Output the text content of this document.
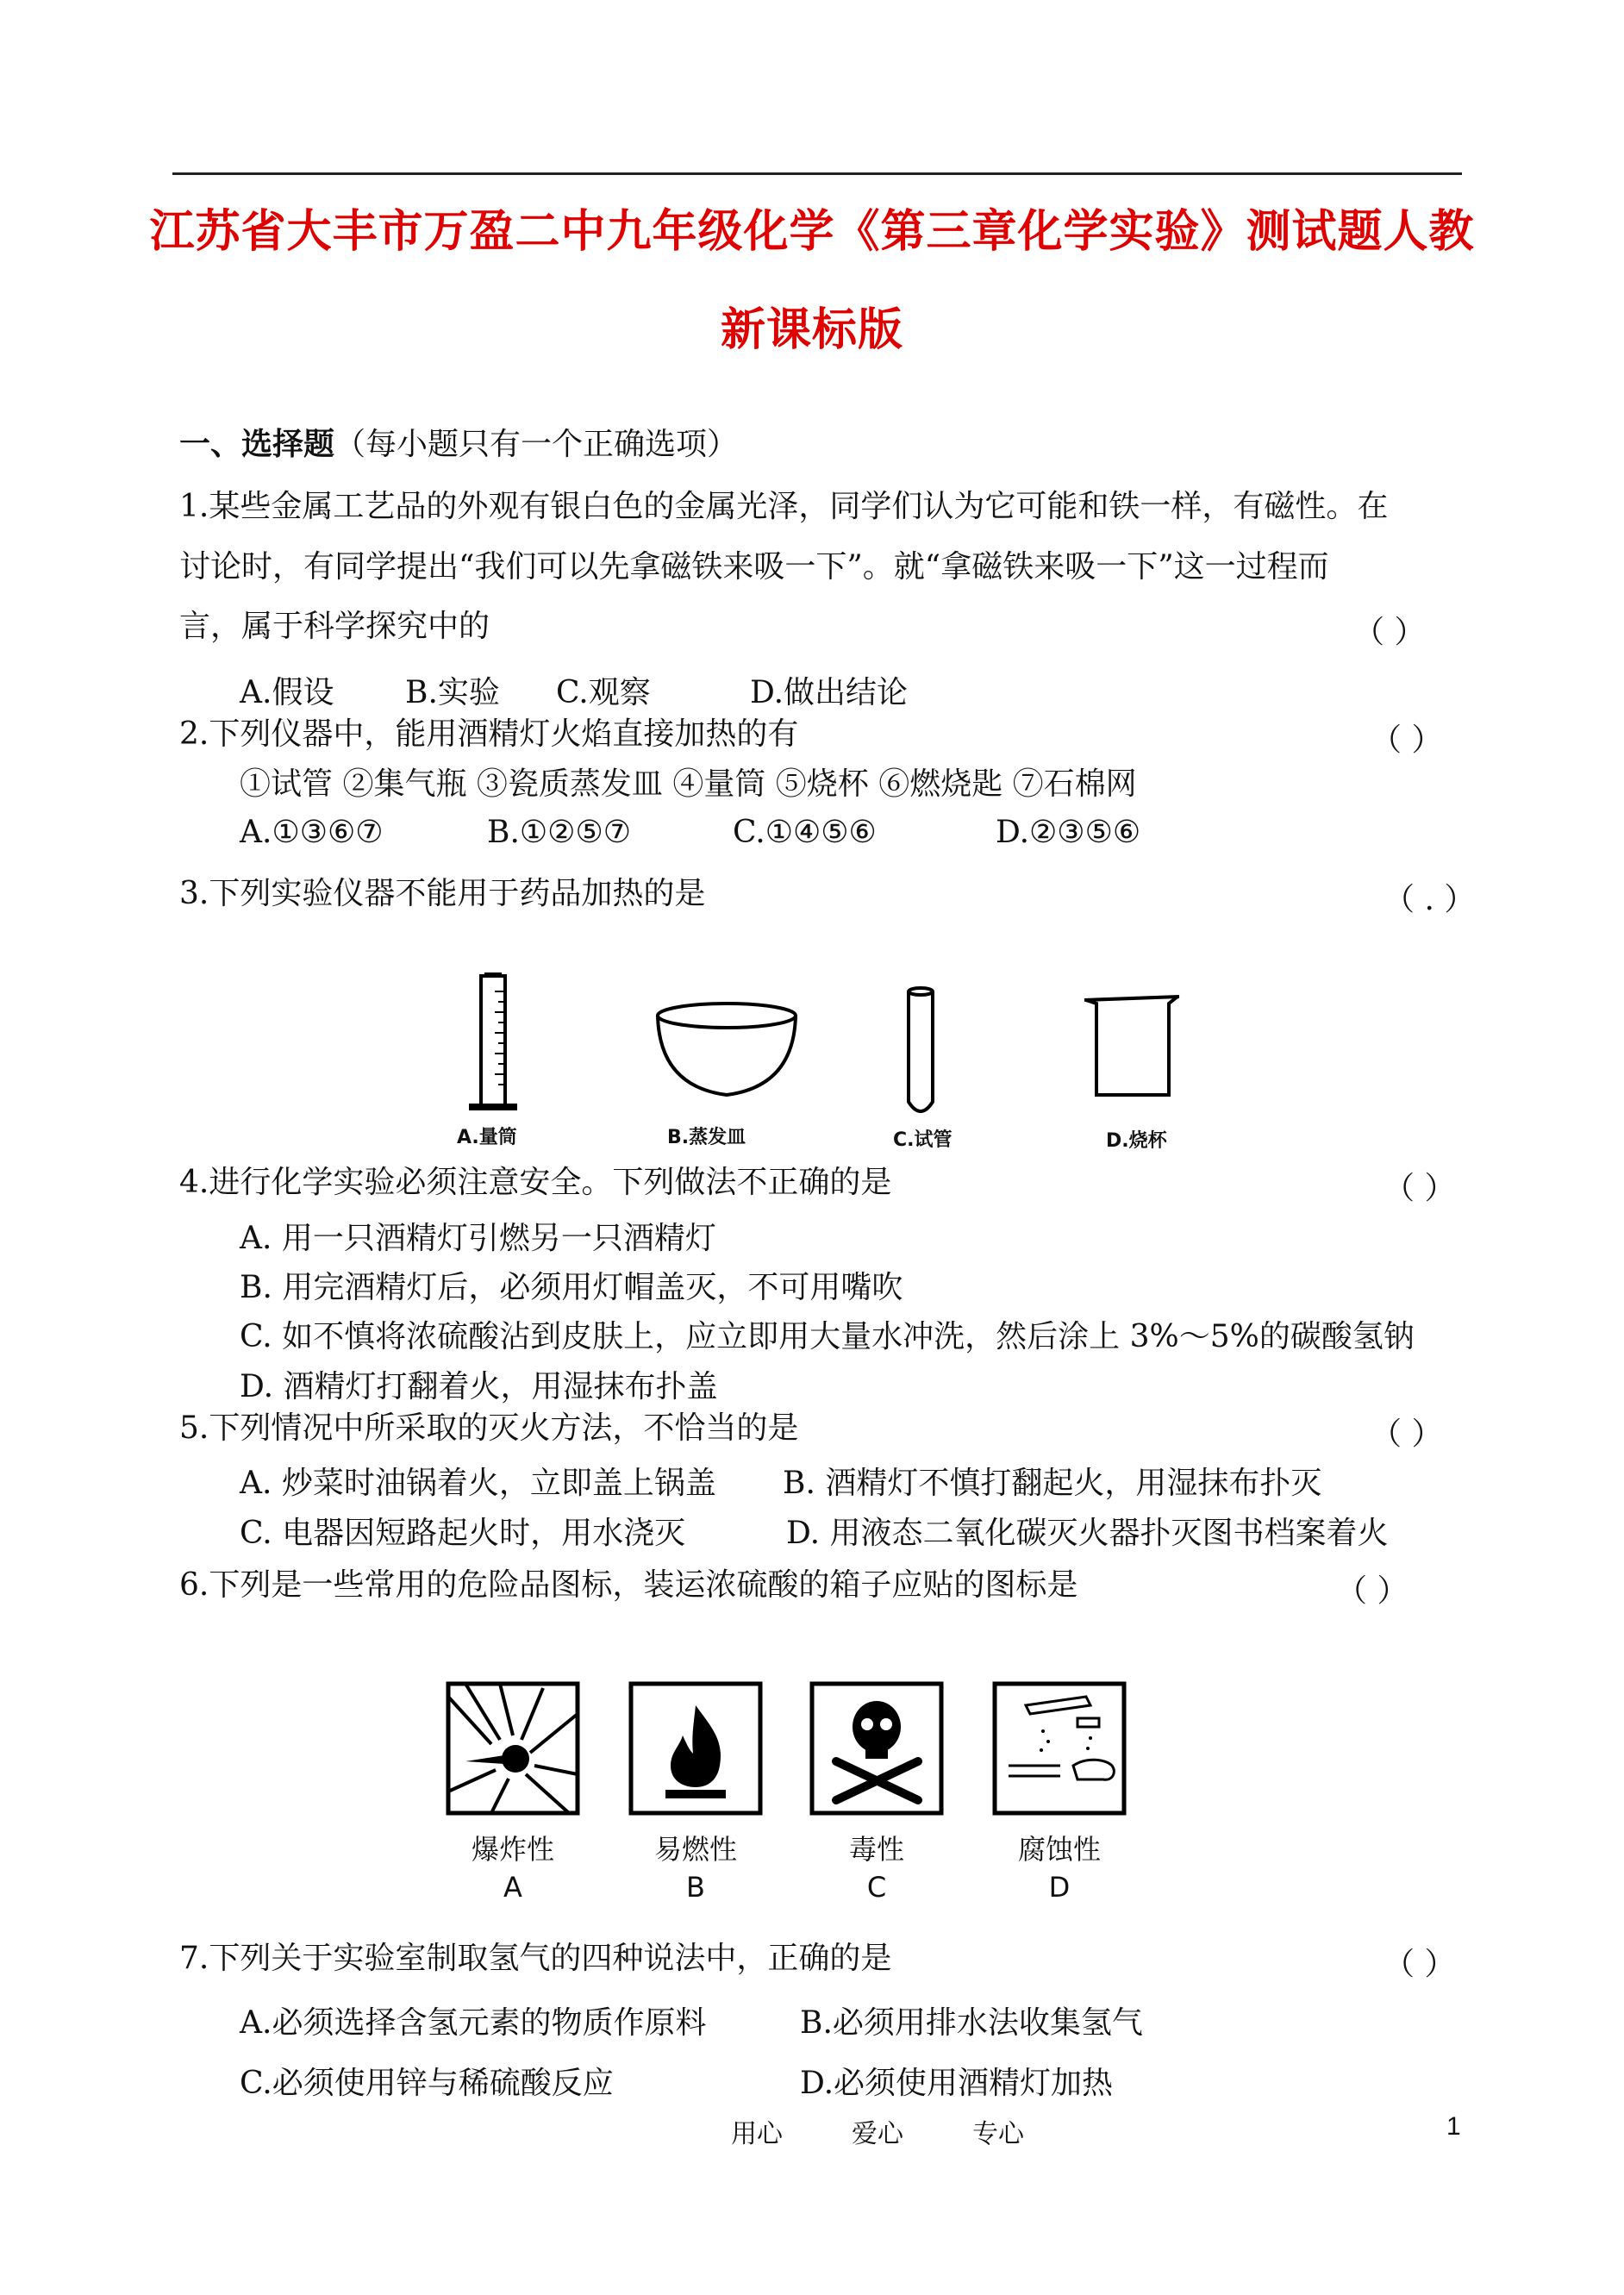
江苏省大丰市万盈二中九年级化学《第三章化学实验》测试题人教
新课标版
一、选择题（每小题只有一个正确选项）
1.某些金属工艺品的外观有银白色的金属光泽，同学们认为它可能和铁一样，有磁性。在
讨论时，有同学提出“我们可以先拿磁铁来吸一下”。就“拿磁铁来吸一下”这一过程而
言，属于科学探究中的	（ ）
A.假设 B.实验 C.观察	D.做出结论
2.下列仪器中，能用酒精灯火焰直接加热的有	（ ）
①试管 ②集气瓶 ③瓷质蒸发皿 ④量筒 ⑤烧杯 ⑥燃烧匙 ⑦石棉网
A.①③⑥⑦	B.①②⑤⑦	C.①④⑤⑥	D.②③⑤⑥
3.下列实验仪器不能用于药品加热的是	（ . ）
A.量筒	B.蒸发皿	C.试管	D.烧杯
4.进行化学实验必须注意安全。下列做法不正确的是	（ ）
A. 用一只酒精灯引燃另一只酒精灯
B. 用完酒精灯后，必须用灯帽盖灭，不可用嘴吹
C. 如不慎将浓硫酸沾到皮肤上，应立即用大量水冲洗，然后涂上 3%～5%的碳酸氢钠
D. 酒精灯打翻着火，用湿抹布扑盖
5.下列情况中所采取的灭火方法，不恰当的是	（ ）
A. 炒菜时油锅着火，立即盖上锅盖 B. 酒精灯不慎打翻起火，用湿抹布扑灭
C. 电器因短路起火时，用水浇灭	D. 用液态二氧化碳灭火器扑灭图书档案着火
6.下列是一些常用的危险品图标，装运浓硫酸的箱子应贴的图标是	（ ）
爆炸性	易燃性	毒性	腐蚀性
A	B	C	D
7.下列关于实验室制取氢气的四种说法中，正确的是	（ ）
A.必须选择含氢元素的物质作原料	B.必须用排水法收集氢气
C.必须使用锌与稀硫酸反应	D.必须使用酒精灯加热
用心	爱心	专心	1
